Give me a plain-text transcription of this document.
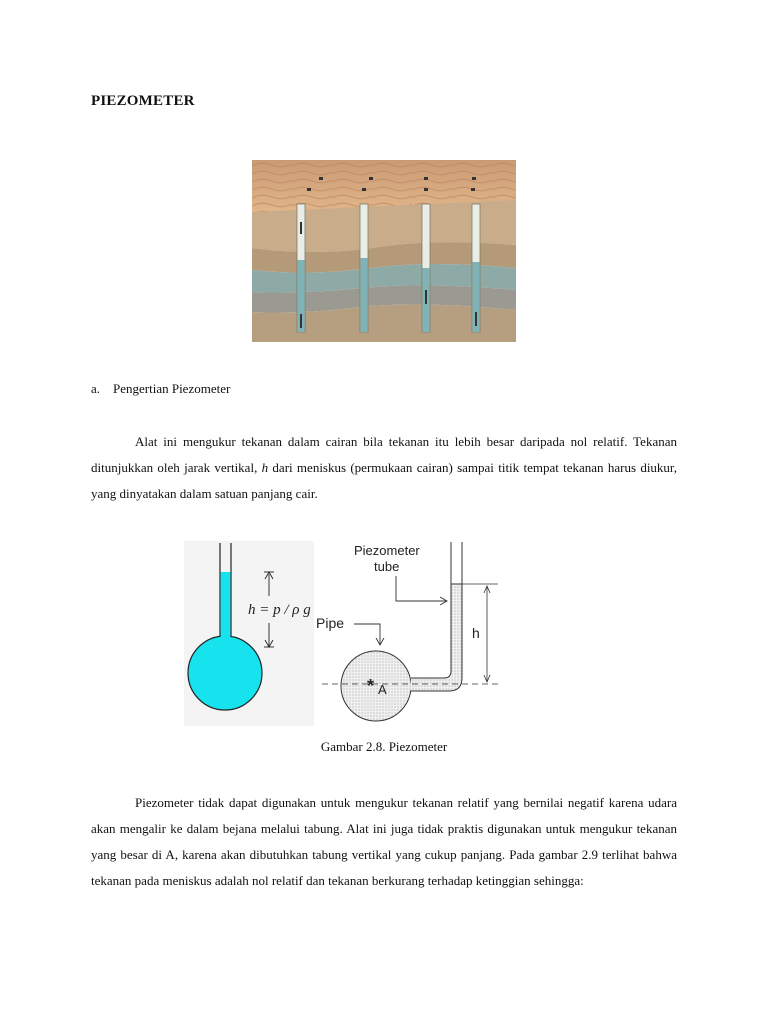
PIEZOMETER
a. Pengertian Piezometer
Alat ini mengukur tekanan dalam cairan bila tekanan itu lebih besar daripada nol relatif. Tekanan ditunjukkan oleh jarak vertikal, h dari meniskus (permukaan cairan) sampai titik tempat tekanan harus diukur, yang dinyatakan dalam satuan panjang cair.
h = p / ρ g
h
Piezometer
tube
Pipe
* A
Gambar 2.8. Piezometer
Piezometer tidak dapat digunakan untuk mengukur tekanan relatif yang bernilai negatif karena udara akan mengalir ke dalam bejana melalui tabung. Alat ini juga tidak praktis digunakan untuk mengukur tekanan yang besar di A, karena akan dibutuhkan tabung vertikal yang cukup panjang. Pada gambar 2.9 terlihat bahwa tekanan pada meniskus adalah nol relatif dan tekanan berkurang terhadap ketinggian sehingga:
